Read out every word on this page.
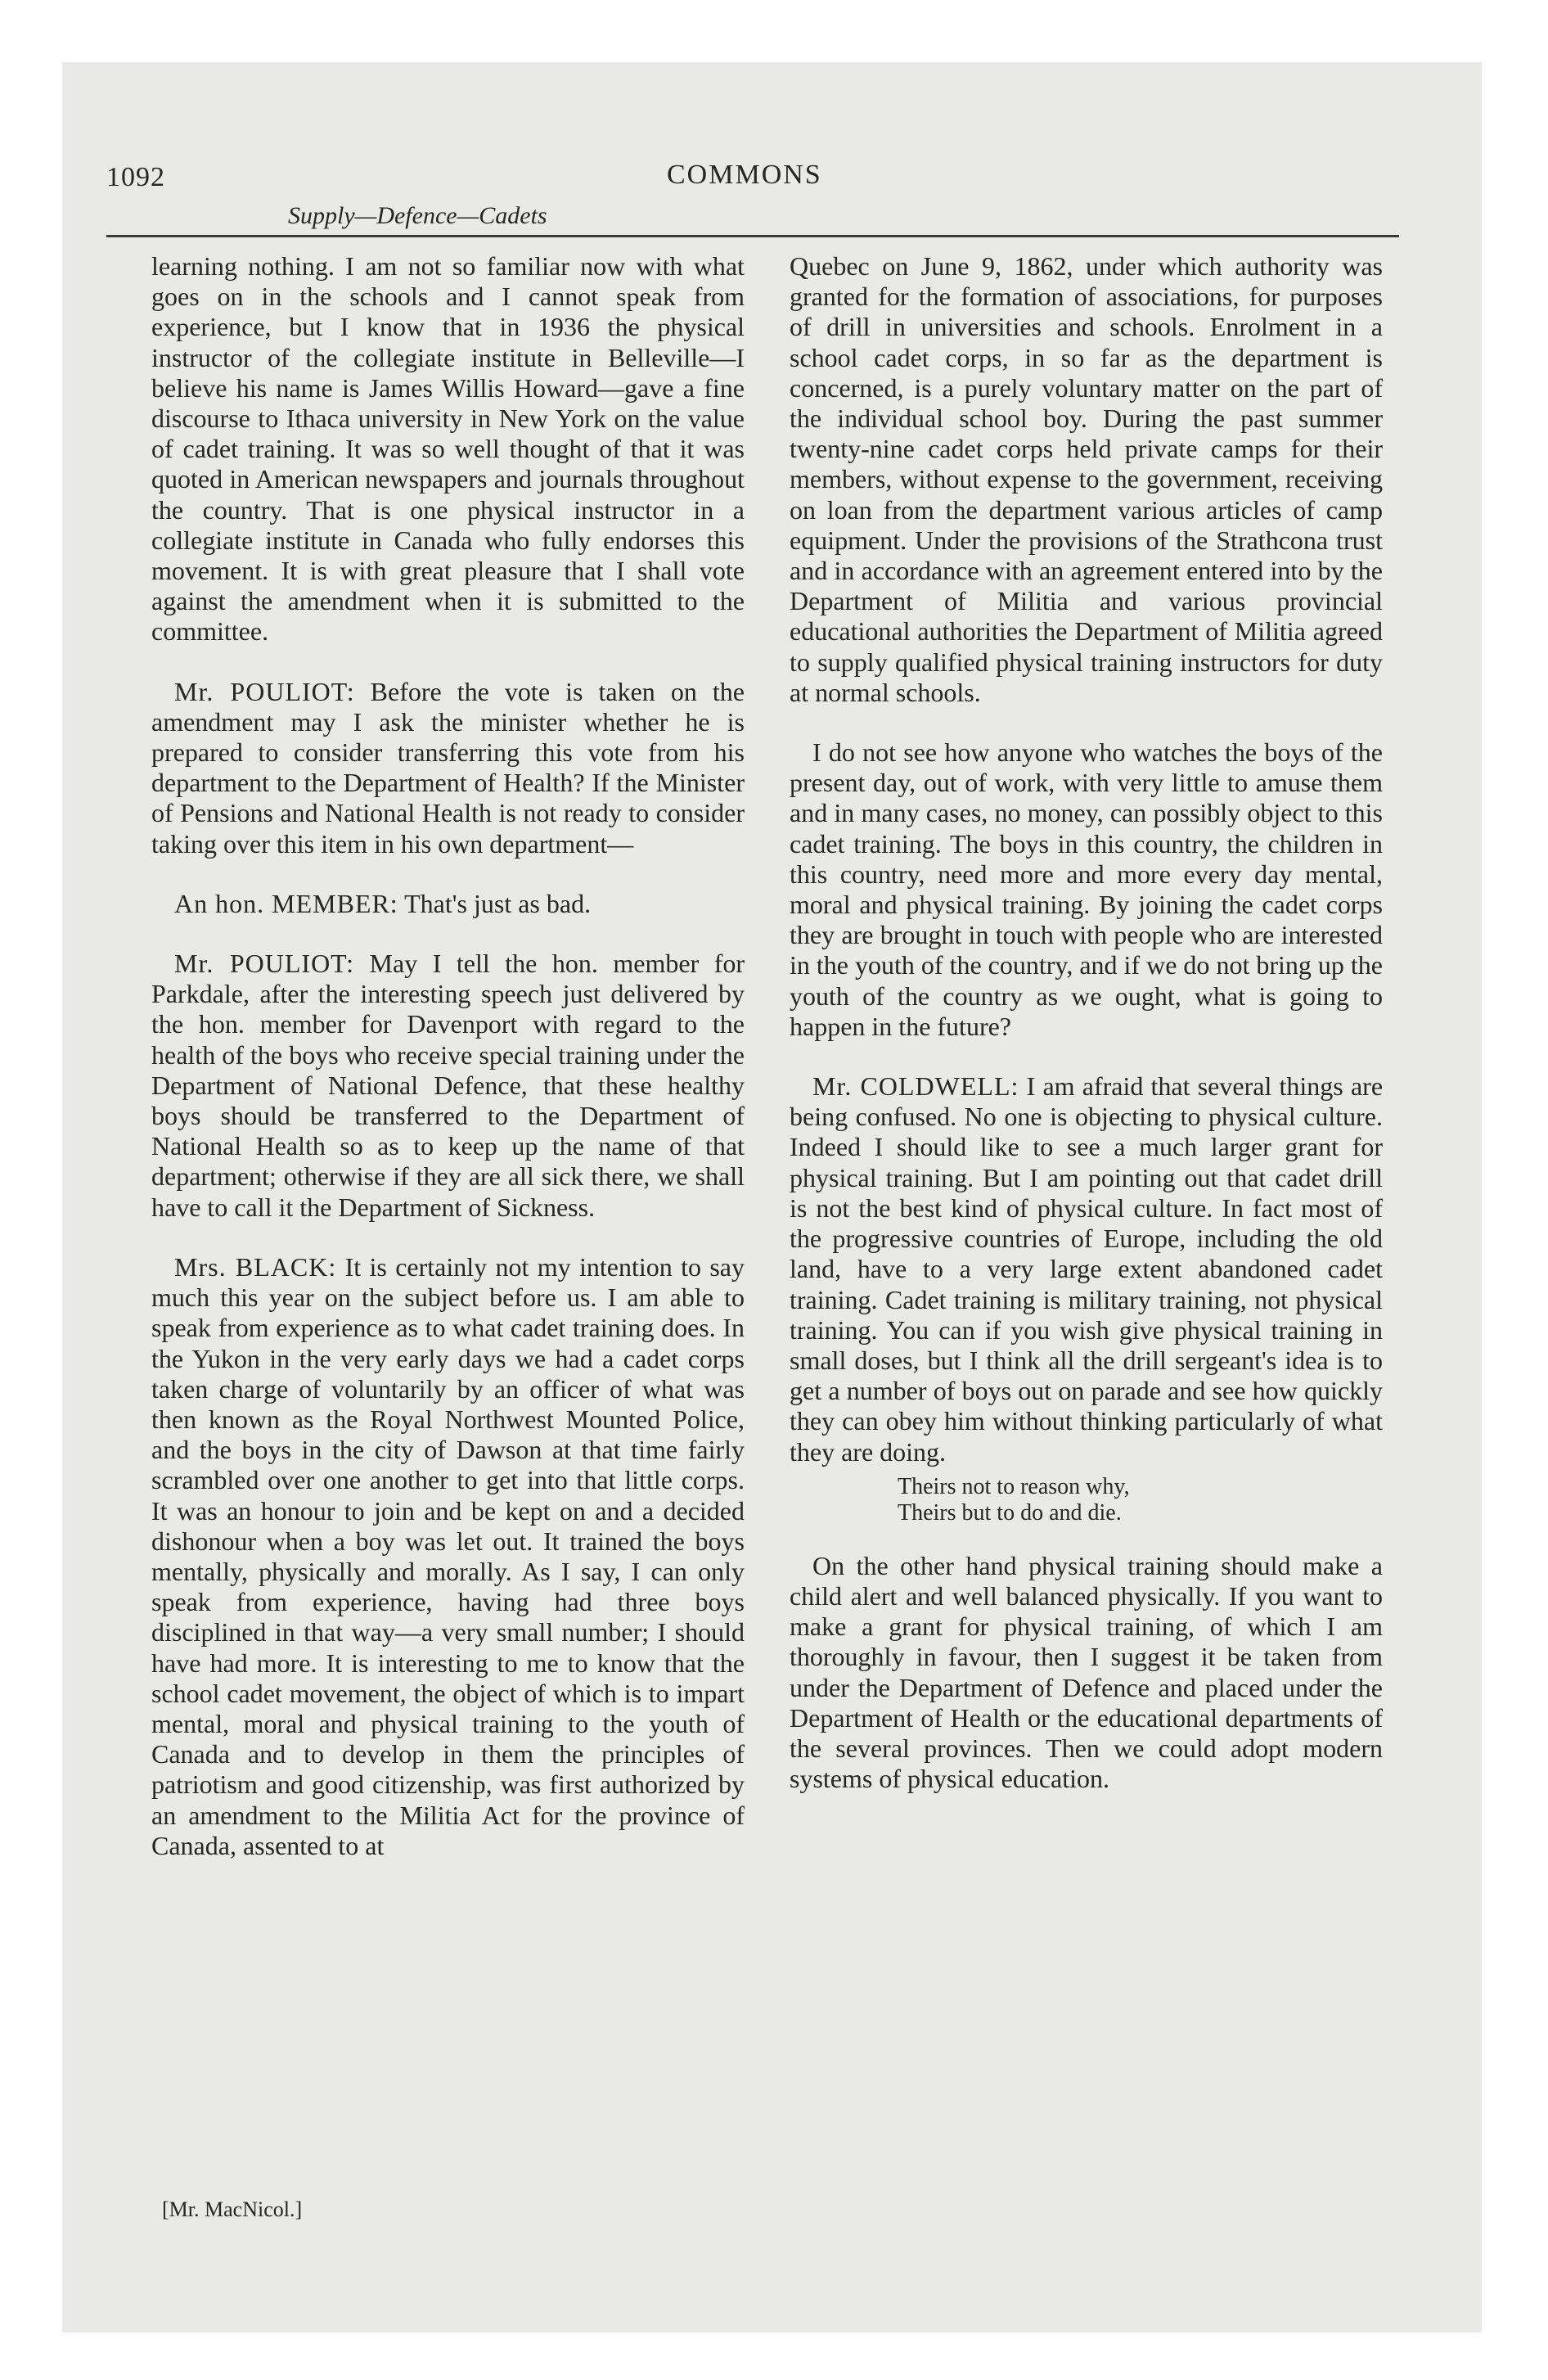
1092	COMMONS
Supply—Defence—Cadets

learning nothing. I am not so familiar now with what goes on in the schools and I cannot speak from experience, but I know that in 1936 the physical instructor of the collegiate institute in Belleville—I believe his name is James Willis Howard—gave a fine discourse to Ithaca university in New York on the value of cadet training. It was so well thought of that it was quoted in American newspapers and journals throughout the country. That is one physical instructor in a collegiate institute in Canada who fully endorses this movement. It is with great pleasure that I shall vote against the amendment when it is submitted to the committee.

Mr. POULIOT: Before the vote is taken on the amendment may I ask the minister whether he is prepared to consider transferring this vote from his department to the Department of Health? If the Minister of Pensions and National Health is not ready to consider taking over this item in his own department—

An hon. MEMBER: That's just as bad.

Mr. POULIOT: May I tell the hon. member for Parkdale, after the interesting speech just delivered by the hon. member for Davenport with regard to the health of the boys who receive special training under the Department of National Defence, that these healthy boys should be transferred to the Department of National Health so as to keep up the name of that department; otherwise if they are all sick there, we shall have to call it the Department of Sickness.

Mrs. BLACK: It is certainly not my intention to say much this year on the subject before us. I am able to speak from experience as to what cadet training does. In the Yukon in the very early days we had a cadet corps taken charge of voluntarily by an officer of what was then known as the Royal Northwest Mounted Police, and the boys in the city of Dawson at that time fairly scrambled over one another to get into that little corps. It was an honour to join and be kept on and a decided dishonour when a boy was let out. It trained the boys mentally, physically and morally. As I say, I can only speak from experience, having had three boys disciplined in that way—a very small number; I should have had more. It is interesting to me to know that the school cadet movement, the object of which is to impart mental, moral and physical training to the youth of Canada and to develop in them the principles of patriotism and good citizenship, was first authorized by an amendment to the Militia Act for the province of Canada, assented to at

Quebec on June 9, 1862, under which authority was granted for the formation of associations, for purposes of drill in universities and schools. Enrolment in a school cadet corps, in so far as the department is concerned, is a purely voluntary matter on the part of the individual school boy. During the past summer twenty-nine cadet corps held private camps for their members, without expense to the government, receiving on loan from the department various articles of camp equipment. Under the provisions of the Strathcona trust and in accordance with an agreement entered into by the Department of Militia and various provincial educational authorities the Department of Militia agreed to supply qualified physical training instructors for duty at normal schools.

I do not see how anyone who watches the boys of the present day, out of work, with very little to amuse them and in many cases, no money, can possibly object to this cadet training. The boys in this country, the children in this country, need more and more every day mental, moral and physical training. By joining the cadet corps they are brought in touch with people who are interested in the youth of the country, and if we do not bring up the youth of the country as we ought, what is going to happen in the future?

Mr. COLDWELL: I am afraid that several things are being confused. No one is objecting to physical culture. Indeed I should like to see a much larger grant for physical training. But I am pointing out that cadet drill is not the best kind of physical culture. In fact most of the progressive countries of Europe, including the old land, have to a very large extent abandoned cadet training. Cadet training is military training, not physical training. You can if you wish give physical training in small doses, but I think all the drill sergeant's idea is to get a number of boys out on parade and see how quickly they can obey him without thinking particularly of what they are doing.

Theirs not to reason why,
Theirs but to do and die.

On the other hand physical training should make a child alert and well balanced physically. If you want to make a grant for physical training, of which I am thoroughly in favour, then I suggest it be taken from under the Department of Defence and placed under the Department of Health or the educational departments of the several provinces. Then we could adopt modern systems of physical education.

[Mr. MacNicol.]
